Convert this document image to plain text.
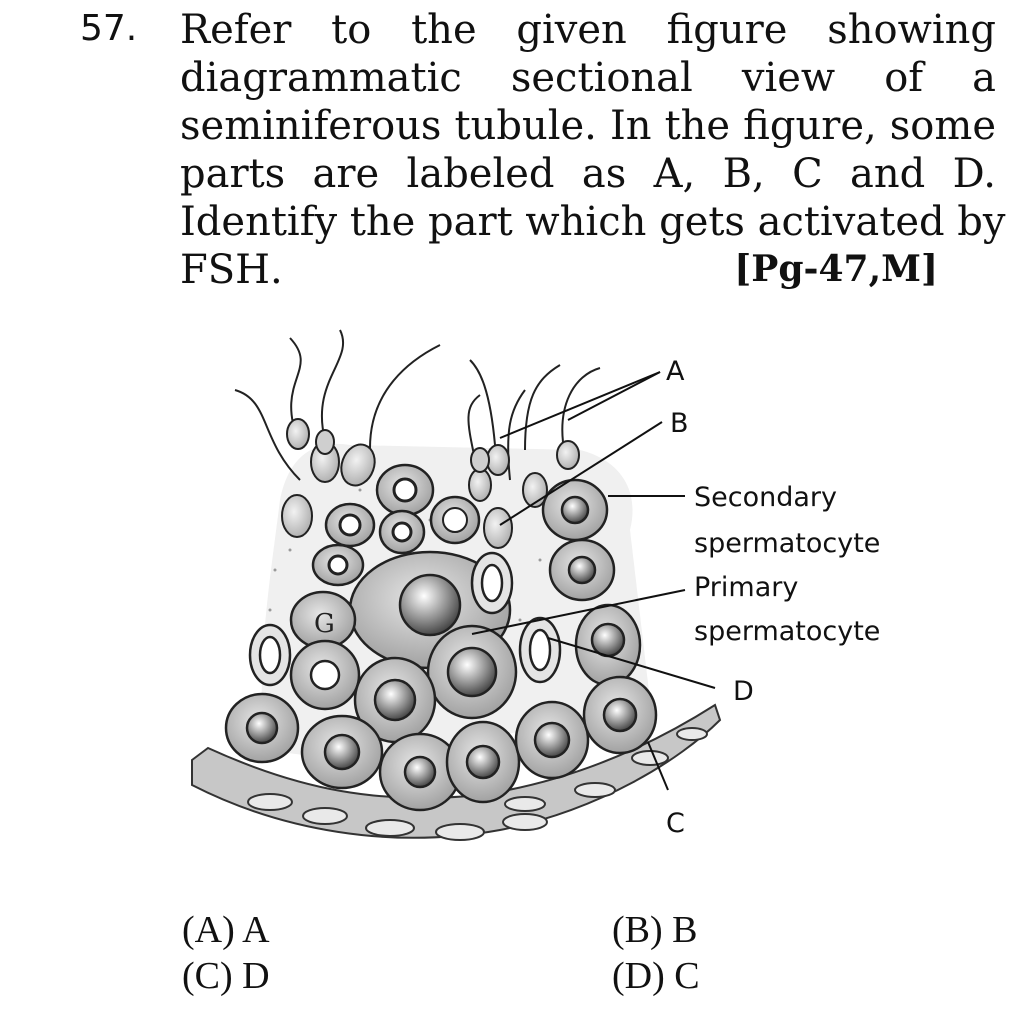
57. Refer to the given figure showing
diagrammatic sectional view of a
seminiferous tubule. In the figure, some
parts are labeled as A, B, C and D.
Identify the part which gets activated by
FSH.	[Pg-47,M]
G
A
B
Secondary
spermatocyte
Primary
spermatocyte
D
C
(A) A	(B) B
(C) D	(D) C
